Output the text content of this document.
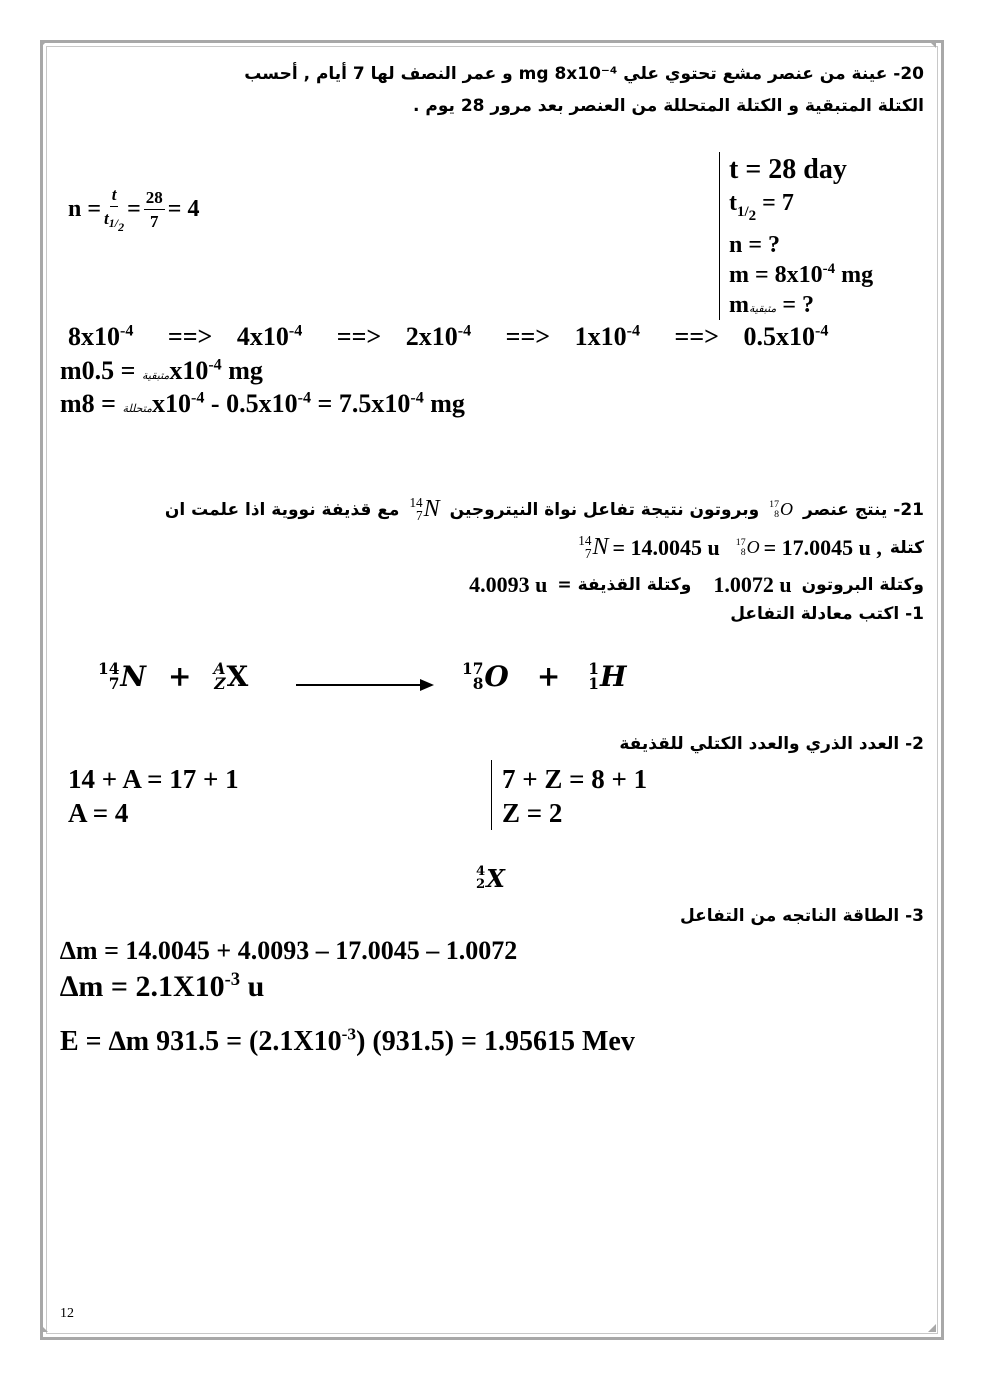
20- عينة من عنصر مشع تحتوي علي mg ‎8x10‎⁻⁴ و عمر النصف لها 7 أيام , أحسب
الكتلة المتبقية و الكتلة المتحللة من العنصر بعد مرور 28 يوم .
t = 28 day
$t_{1/2} = 7$
n = ?
$m = 8x10^{-4}$ mg
mمتبقية = ?
$n = \frac{t}{t1/_2} = \frac{28}{7} = 4$
$8x10^{-4}$ ==> $4x10^{-4}$ ==> $2x10^{-4}$ ==> $1x10^{-4}$ ==> $0.5x10^{-4}$
m	متبقية = $0.5x10^{-4}$ mg
m	متحللة = $8x10^{-4} - 0.5x10^{-4} = 7.5x10^{-4}$ mg
21- ينتج عنصر
17
8 O
وبروتون نتيجة تفاعل نواة النيتروجين
14
7 N
مع قذيفة نووية اذا علمت ان
كتلة
14
7 N = 14.0045 u 17
8 O = 17.0045 u ,
وكتلة البروتون
1.0072 u
وكتلة القذيفة =
4.0093 u
1- اكتب معادلة التفاعل
14
7 N + A
Z X	17
8 O + 1
1 H
2- العدد الذري والعدد الكتلي للقذيفة
14 + A = 17 + 1
A = 4
7 + Z = 8 + 1
Z = 2
4
2 X
3- الطاقة الناتجه من التفاعل
∆m = 14.0045 + 4.0093 – 17.0045 – 1.0072
$\Delta m = 2.1X10^{-3}$ u
E = ∆m $931.5 = (2.1X10^{-3}) (931.5) = 1.95615$ Mev
12
